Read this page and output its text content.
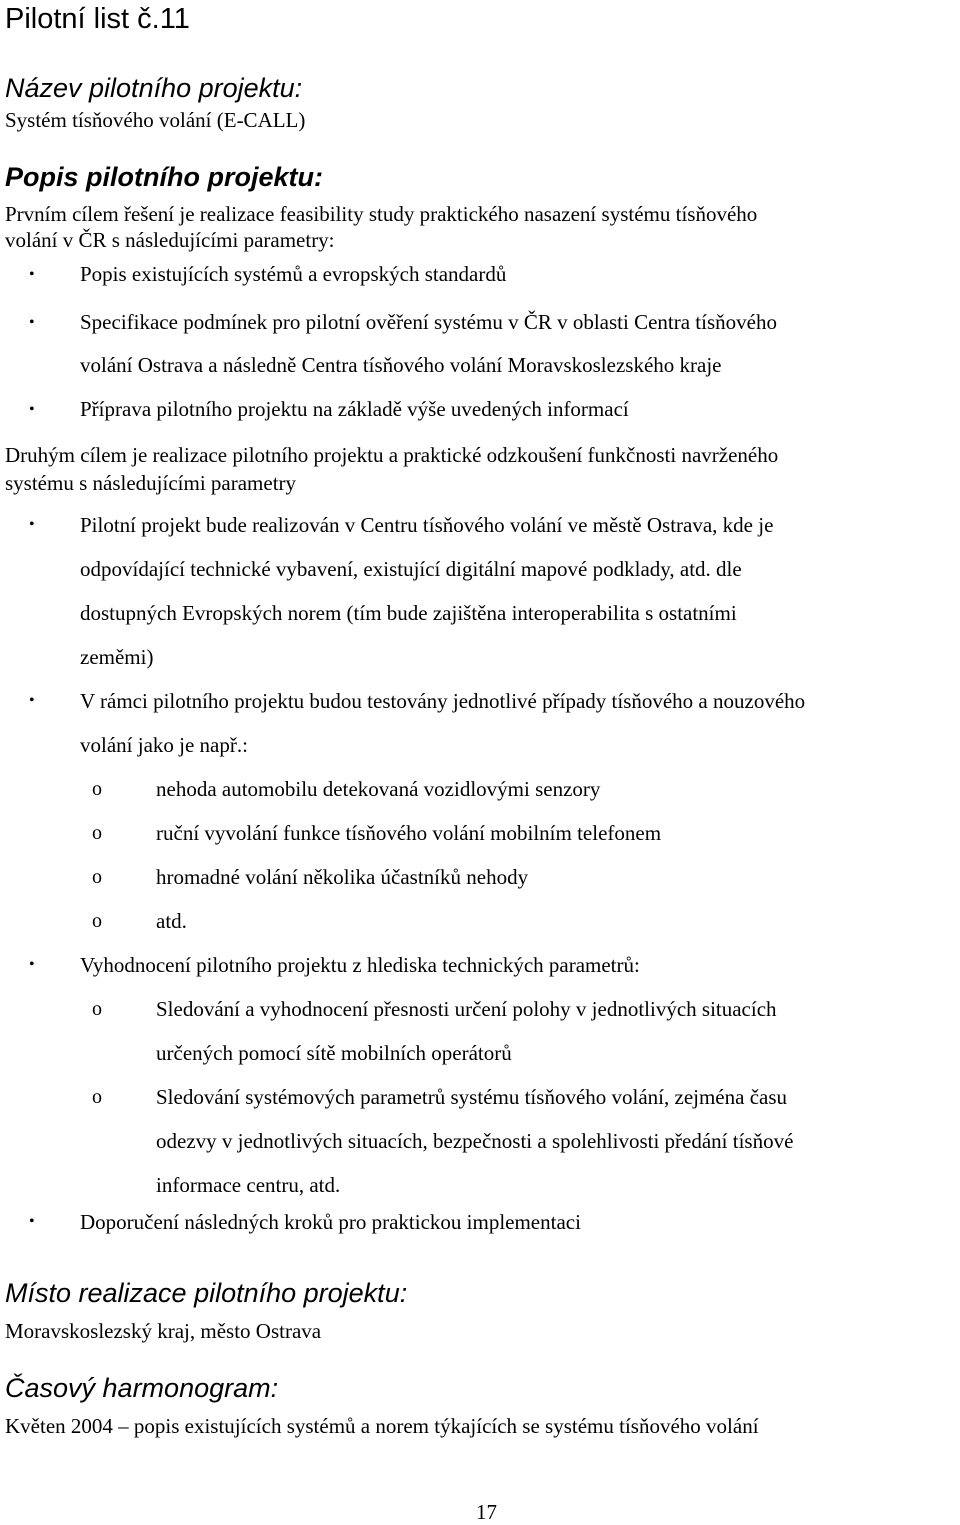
Pilotní list č.11
Název pilotního projektu:

Systém tísňového volání (E-CALL)

Popis pilotního projektu:

Prvním cílem řešení je realizace feasibility study praktického nasazení systému tísňového

volání v ČR s následujícími parametry:

• Popis existujících systémů a evropských standardů
• Specifikace podmínek pro pilotní ověření systému v ČR v oblasti Centra tísňového
volání Ostrava a následně Centra tísňového volání Moravskoslezského kraje
• Příprava pilotního projektu na základě výše uvedených informací

Druhým cílem je realizace pilotního projektu a praktické odzkoušení funkčnosti navrženého

systému s následujícími parametry

• Pilotní projekt bude realizován v Centru tísňového volání ve městě Ostrava, kde je
odpovídající technické vybavení, existující digitální mapové podklady, atd. dle
dostupných Evropských norem (tím bude zajištěna interoperabilita s ostatními
zeměmi)
• V rámci pilotního projektu budou testovány jednotlivé případy tísňového a nouzového
volání jako je např.:
o	nehoda automobilu detekovaná vozidlovými senzory
o	ruční vyvolání funkce tísňového volání mobilním telefonem
o	hromadné volání několika účastníků nehody
o	atd.
• Vyhodnocení pilotního projektu z hlediska technických parametrů:
o	Sledování a vyhodnocení přesnosti určení polohy v jednotlivých situacích
určených pomocí sítě mobilních operátorů
o	Sledování systémových parametrů systému tísňového volání, zejména času
odezvy v jednotlivých situacích, bezpečnosti a spolehlivosti předání tísňové
informace centru, atd.
• Doporučení následných kroků pro praktickou implementaci
Místo realizace pilotního projektu:

Moravskoslezský kraj, město Ostrava

Časový harmonogram:

Květen 2004 – popis existujících systémů a norem týkajících se systému tísňového volání

17
